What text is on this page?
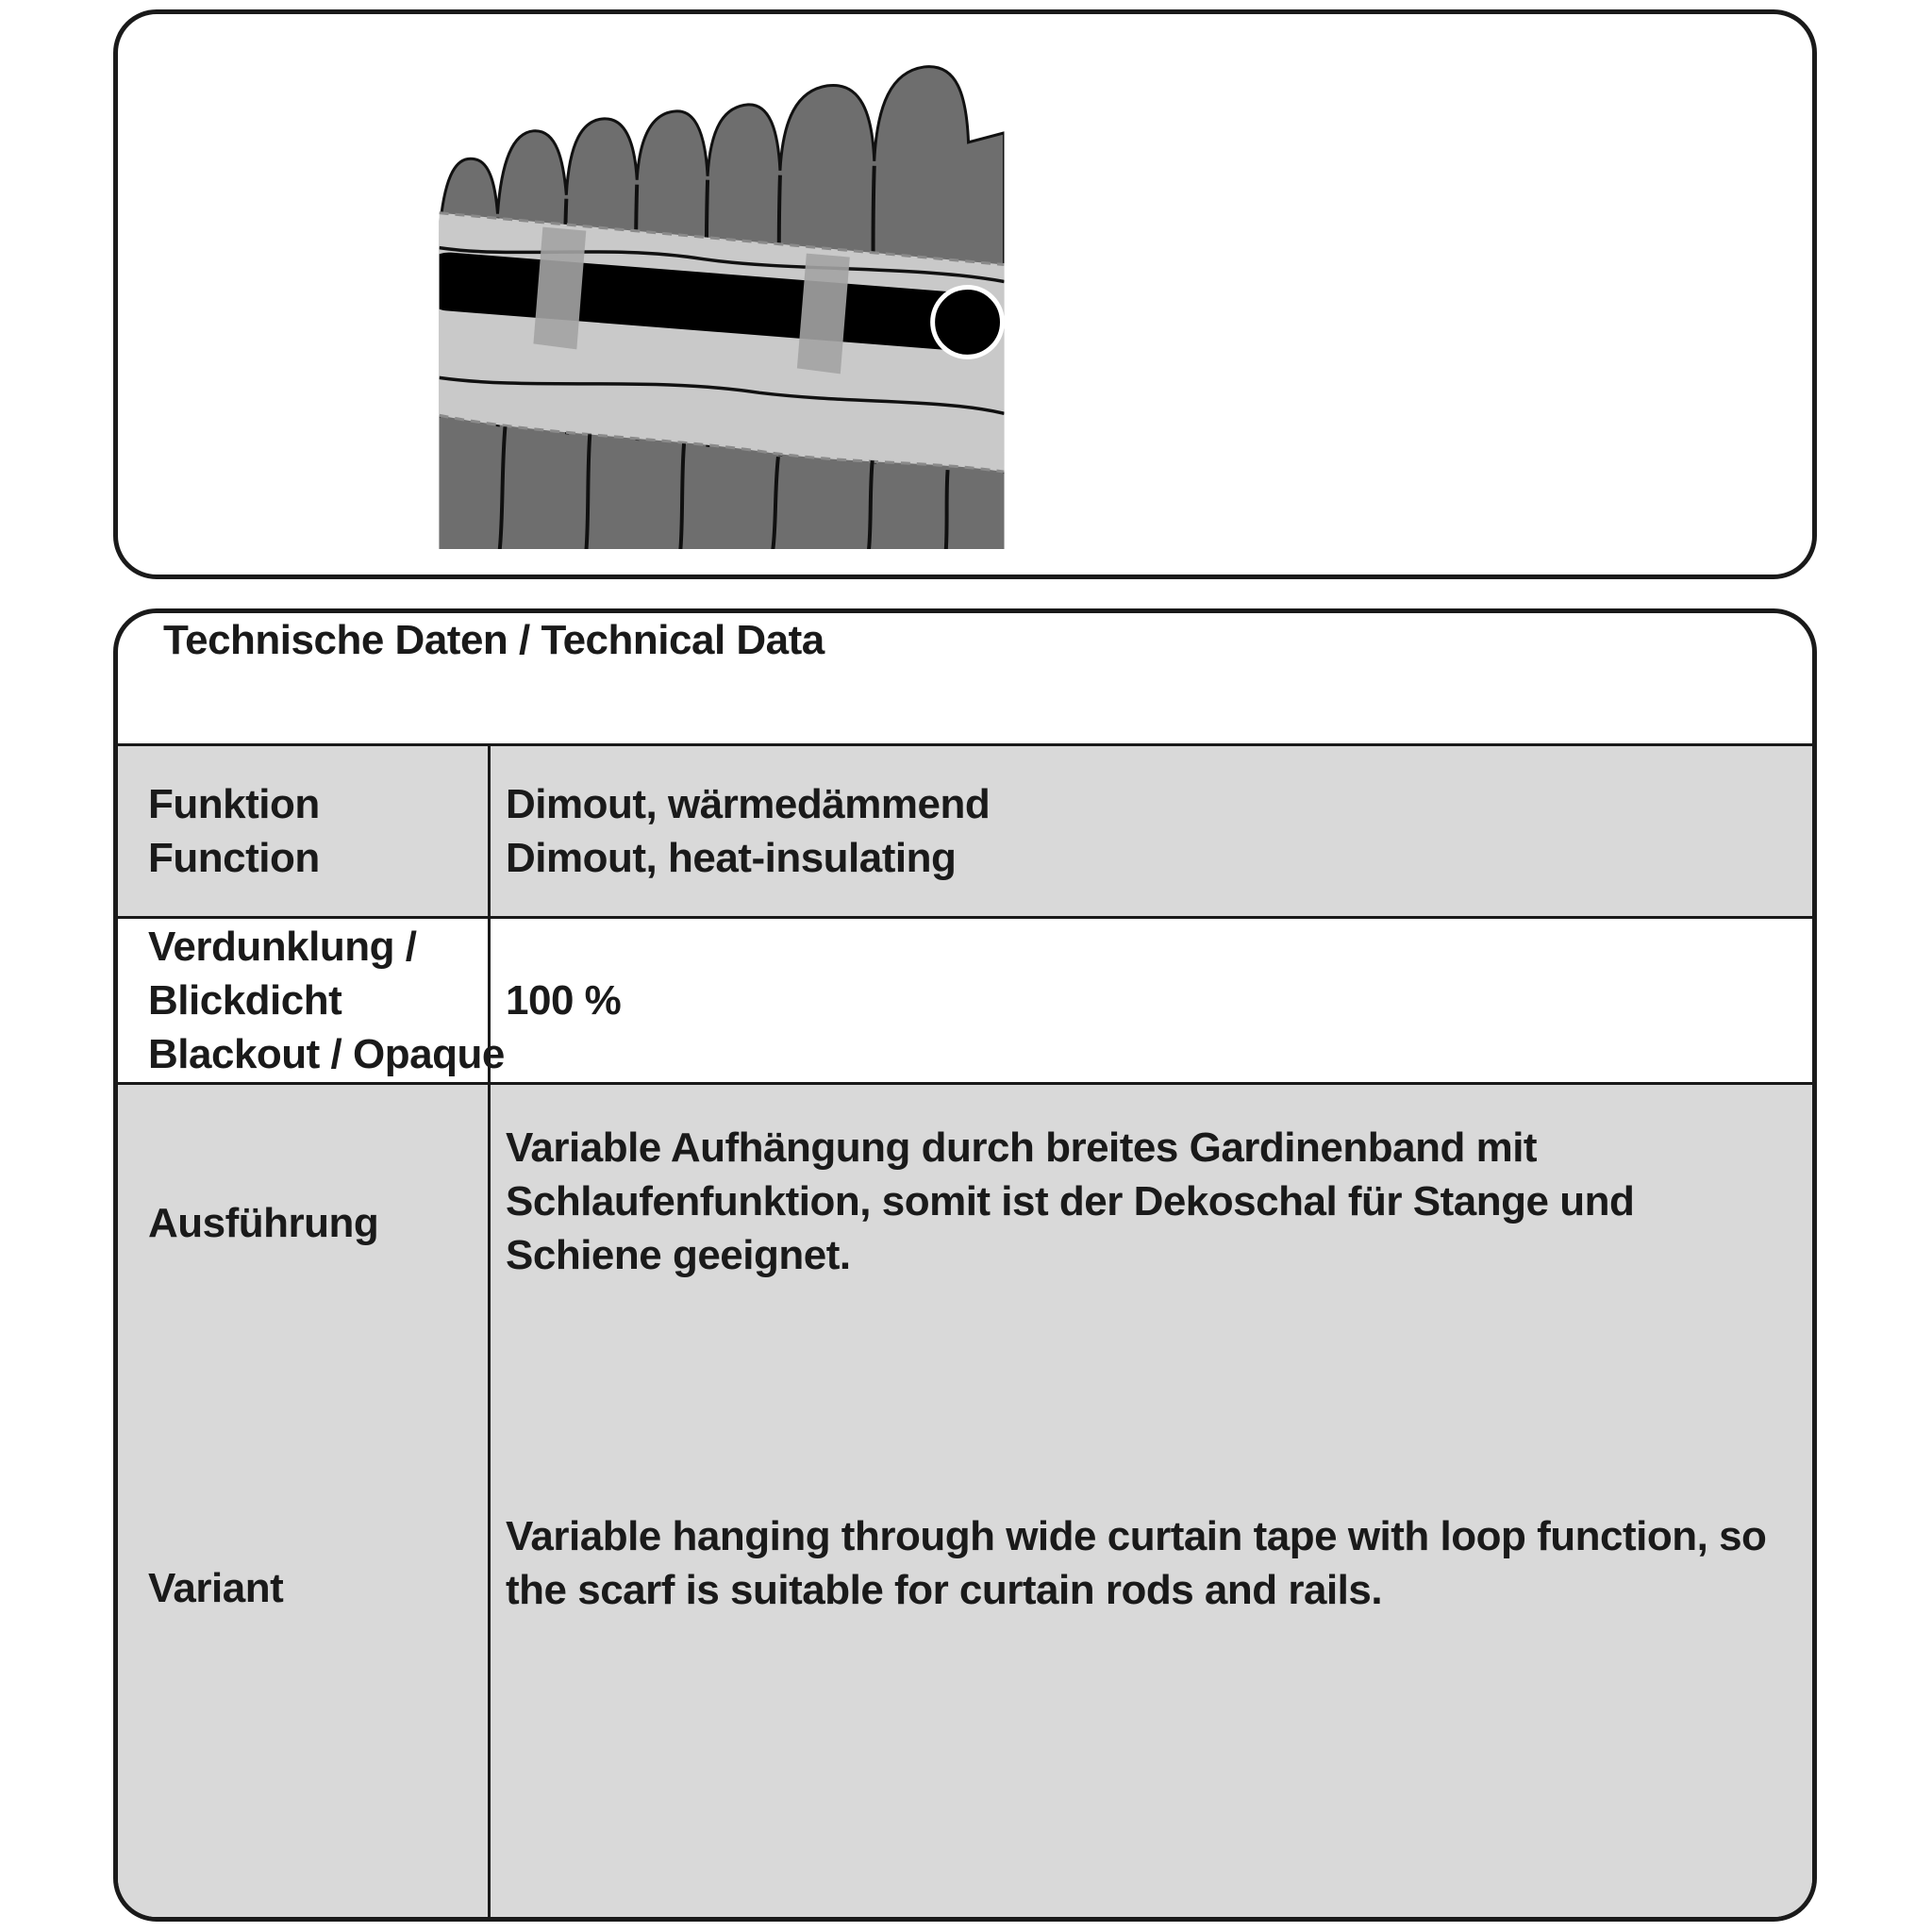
Technische Daten / Technical Data
Funktion
Function
Dimout, wärmedämmend
Dimout, heat-insulating
Verdunklung /
Blickdicht
Blackout / Opaque
100 %
Ausführung
Variant
Variable Aufhängung durch breites Gardinenband mit Schlaufenfunktion, somit ist der Dekoschal für Stange und Schiene geeignet.
Variable hanging through wide curtain tape with loop function, so the scarf is suitable for curtain rods and rails.
